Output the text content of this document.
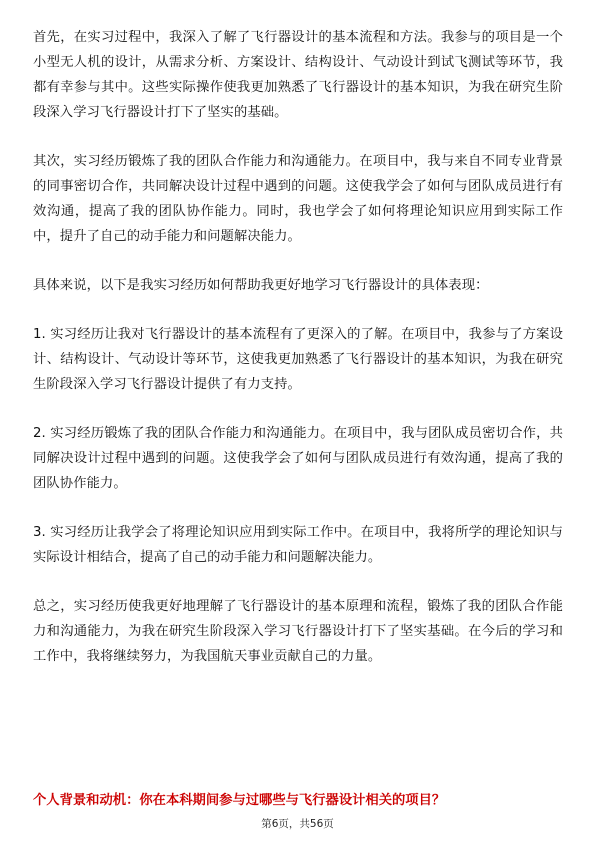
首先，在实习过程中，我深入了解了飞行器设计的基本流程和方法。我参与的项目是一个小型无人机的设计，从需求分析、方案设计、结构设计、气动设计到试飞测试等环节，我都有幸参与其中。这些实际操作使我更加熟悉了飞行器设计的基本知识，为我在研究生阶段深入学习飞行器设计打下了坚实的基础。

其次，实习经历锻炼了我的团队合作能力和沟通能力。在项目中，我与来自不同专业背景的同事密切合作，共同解决设计过程中遇到的问题。这使我学会了如何与团队成员进行有效沟通，提高了我的团队协作能力。同时，我也学会了如何将理论知识应用到实际工作中，提升了自己的动手能力和问题解决能力。

具体来说，以下是我实习经历如何帮助我更好地学习飞行器设计的具体表现：

1. 实习经历让我对飞行器设计的基本流程有了更深入的了解。在项目中，我参与了方案设计、结构设计、气动设计等环节，这使我更加熟悉了飞行器设计的基本知识，为我在研究生阶段深入学习飞行器设计提供了有力支持。

2. 实习经历锻炼了我的团队合作能力和沟通能力。在项目中，我与团队成员密切合作，共同解决设计过程中遇到的问题。这使我学会了如何与团队成员进行有效沟通，提高了我的团队协作能力。

3. 实习经历让我学会了将理论知识应用到实际工作中。在项目中，我将所学的理论知识与实际设计相结合，提高了自己的动手能力和问题解决能力。

总之，实习经历使我更好地理解了飞行器设计的基本原理和流程，锻炼了我的团队合作能力和沟通能力，为我在研究生阶段深入学习飞行器设计打下了坚实基础。在今后的学习和工作中，我将继续努力，为我国航天事业贡献自己的力量。

个人背景和动机：你在本科期间参与过哪些与飞行器设计相关的项目？

第6页，共56页
